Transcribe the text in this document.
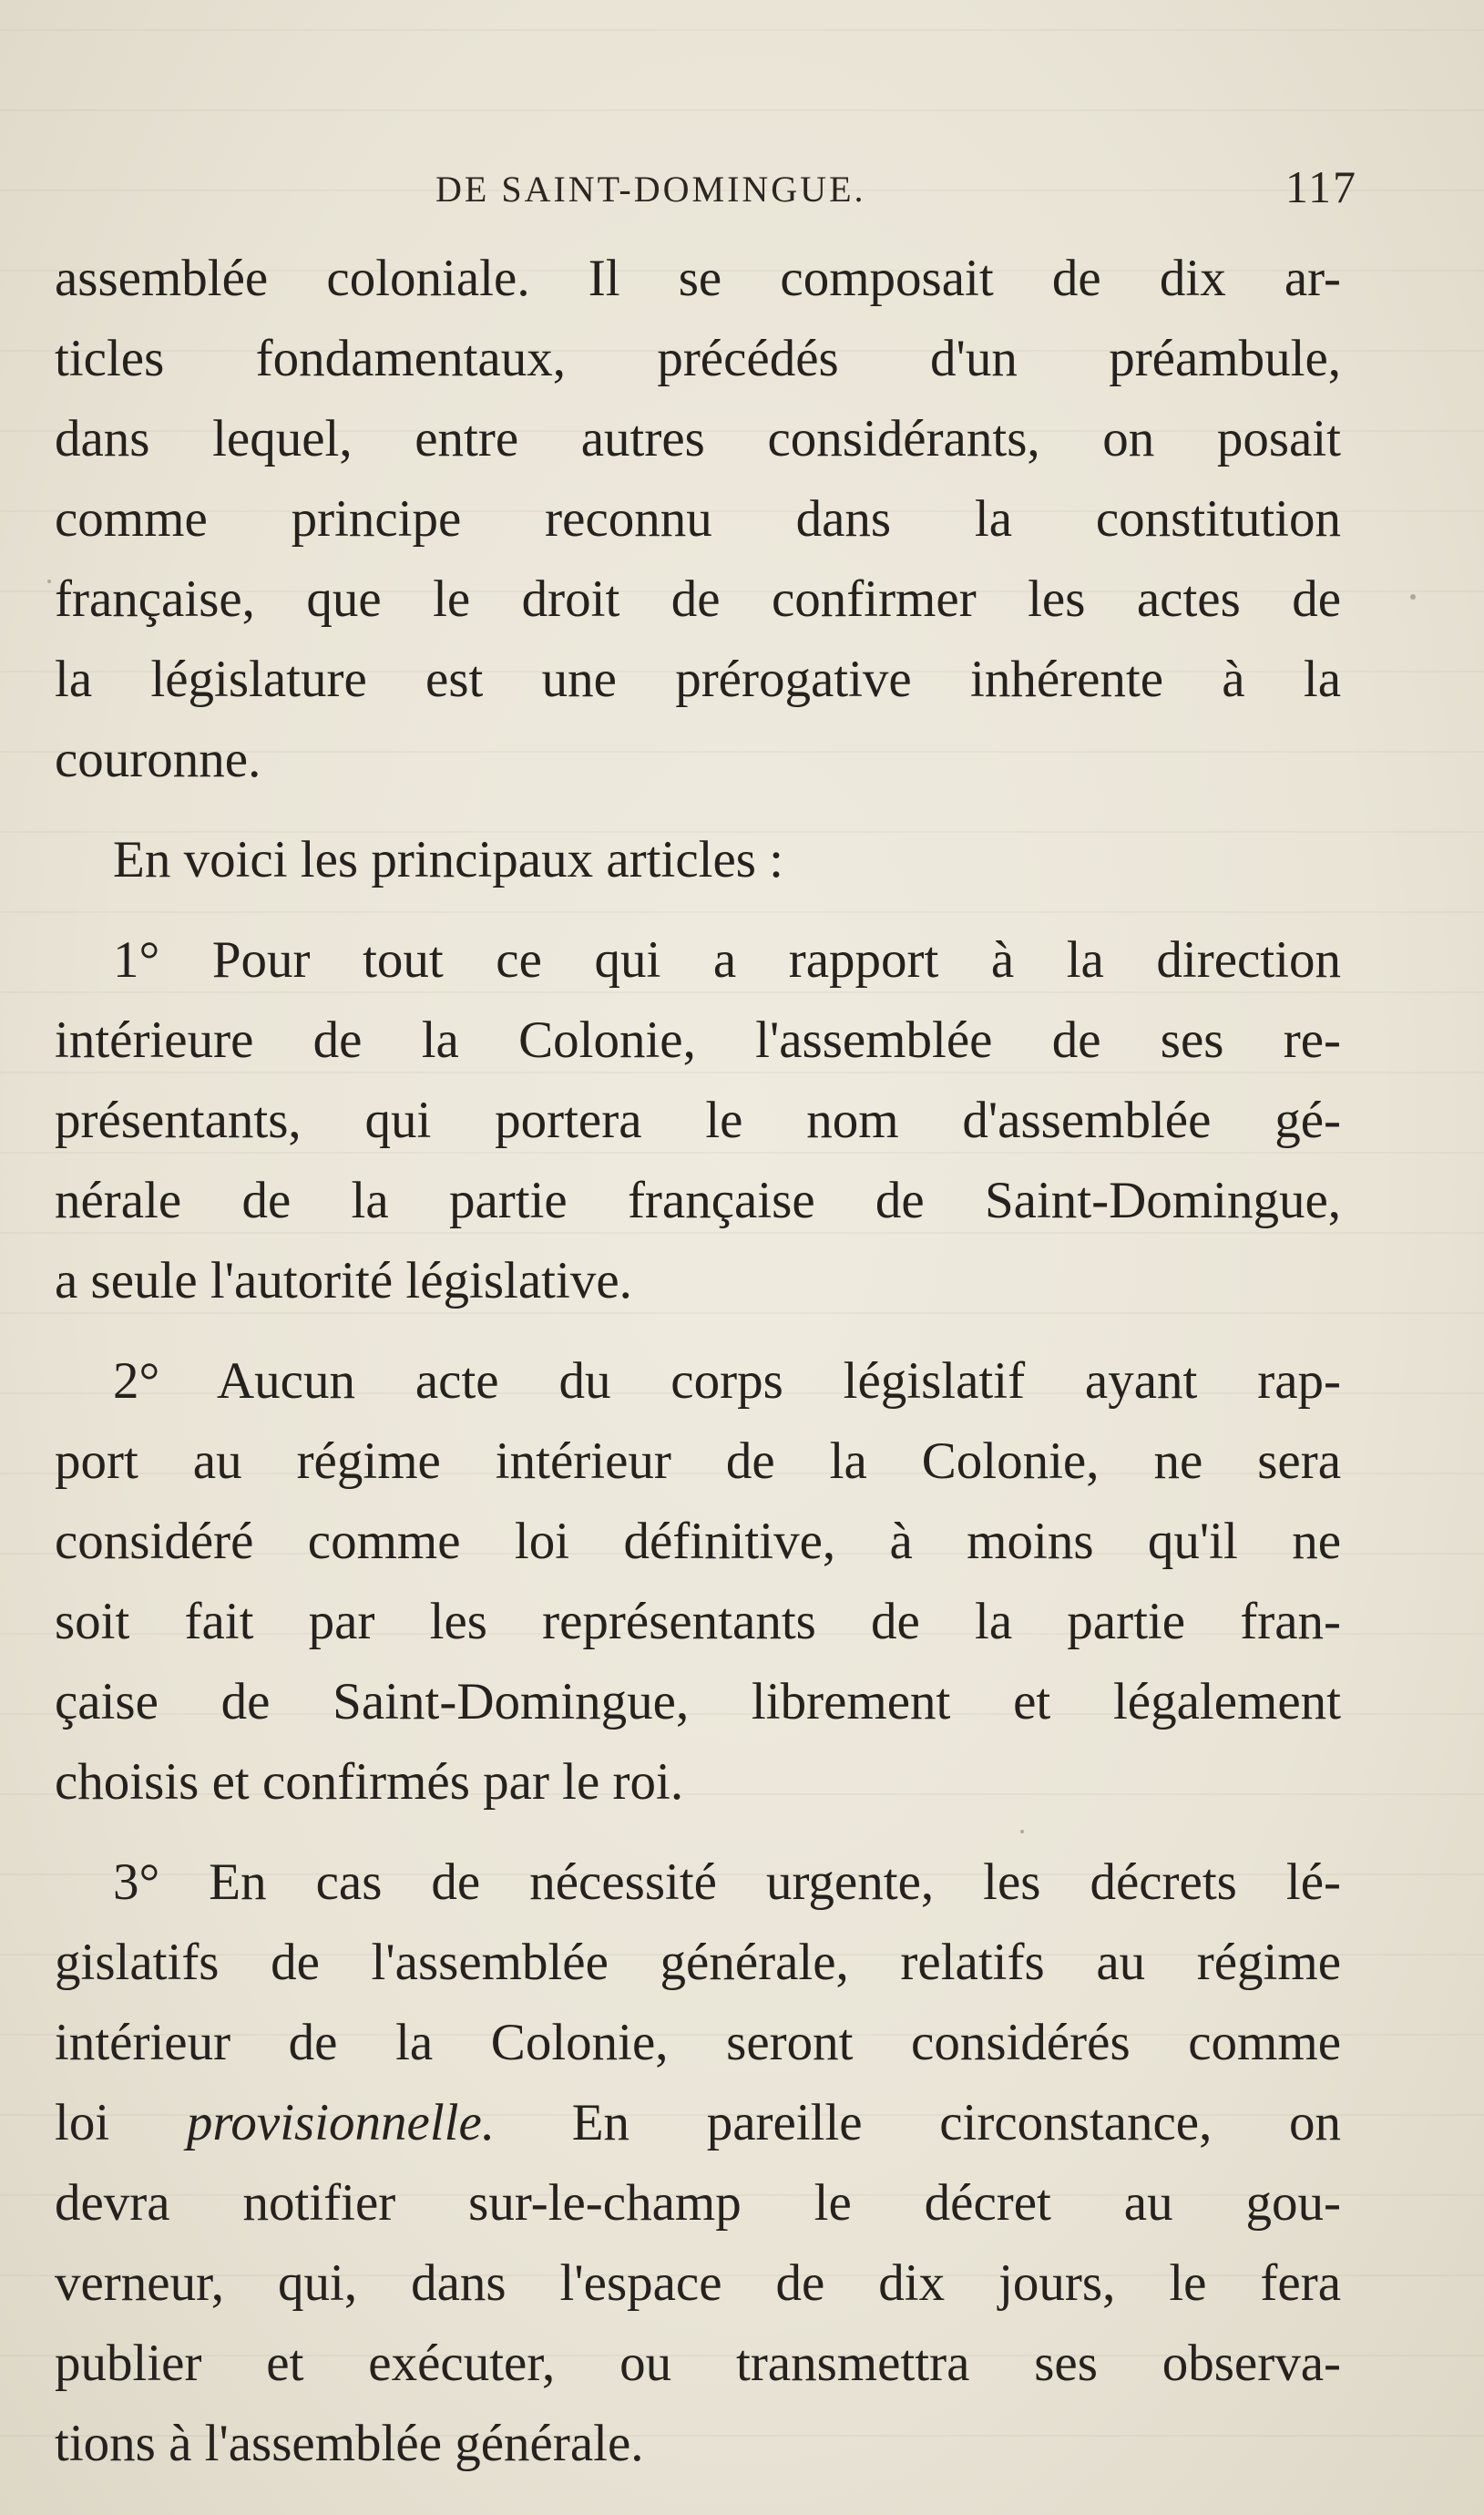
DE SAINT-DOMINGUE.	117
assemblée coloniale. Il se composait de dix ar-
ticles fondamentaux, précédés d'un préambule,
dans lequel, entre autres considérants, on posait
comme principe reconnu dans la constitution
française, que le droit de confirmer les actes de
la législature est une prérogative inhérente à la
couronne.
En voici les principaux articles :
1° Pour tout ce qui a rapport à la direction
intérieure de la Colonie, l'assemblée de ses re-
présentants, qui portera le nom d'assemblée gé-
nérale de la partie française de Saint-Domingue,
a seule l'autorité législative.
2° Aucun acte du corps législatif ayant rap-
port au régime intérieur de la Colonie, ne sera
considéré comme loi définitive, à moins qu'il ne
soit fait par les représentants de la partie fran-
çaise de Saint-Domingue, librement et légalement
choisis et confirmés par le roi.
3° En cas de nécessité urgente, les décrets lé-
gislatifs de l'assemblée générale, relatifs au régime
intérieur de la Colonie, seront considérés comme
loi provisionnelle. En pareille circonstance, on
devra notifier sur-le-champ le décret au gou-
verneur, qui, dans l'espace de dix jours, le fera
publier et exécuter, ou transmettra ses observa-
tions à l'assemblée générale.
